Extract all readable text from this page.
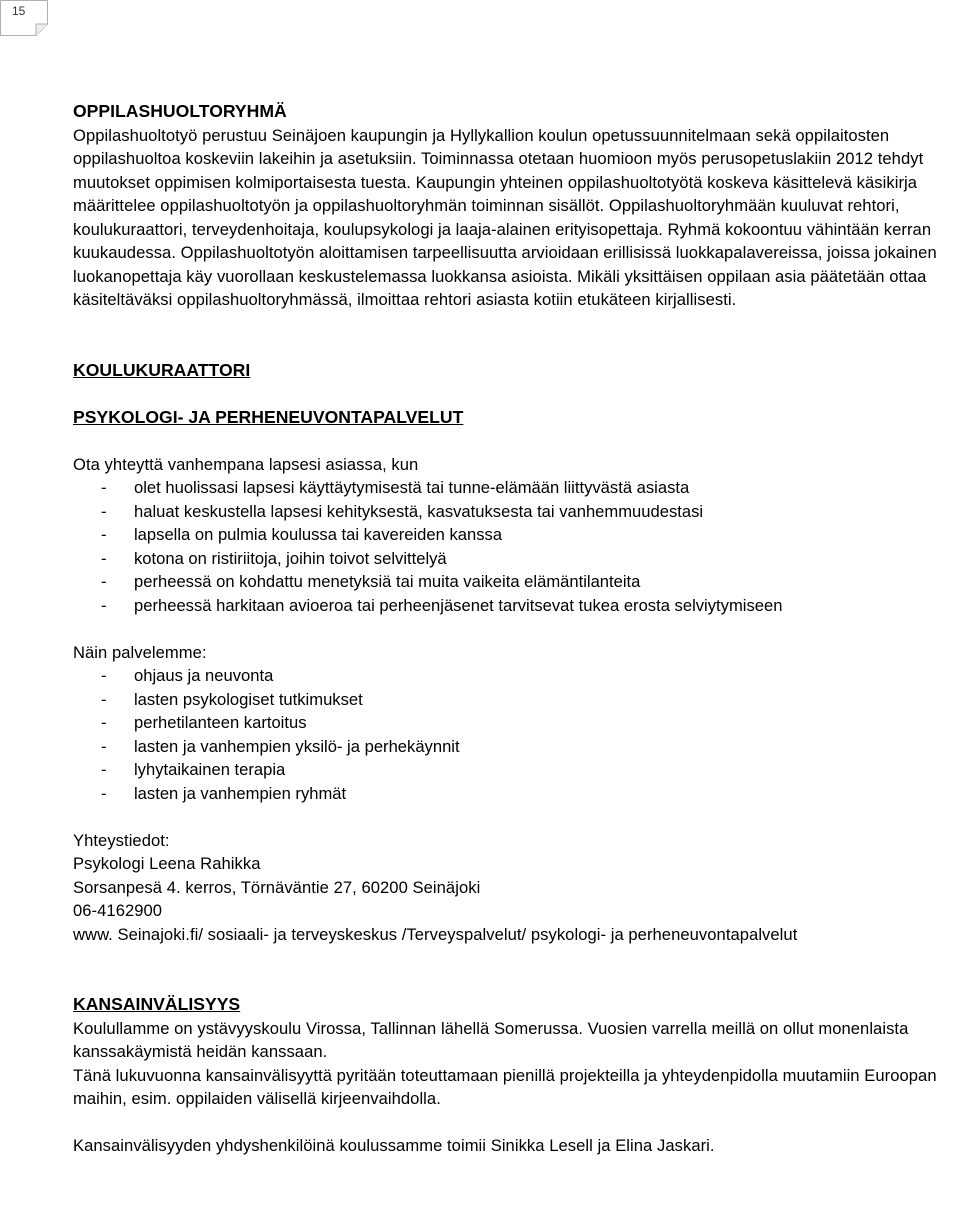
15

OPPILASHUOLTORYHMÄ

Oppilashuoltotyö perustuu Seinäjoen kaupungin ja Hyllykallion koulun opetussuunnitelmaan sekä oppilaitosten oppilashuoltoa koskeviin lakeihin ja asetuksiin. Toiminnassa otetaan huomioon myös perusopetuslakiin 2012 tehdyt muutokset oppimisen kolmiportaisesta tuesta. Kaupungin yhteinen oppilashuoltotyötä koskeva käsittelevä käsikirja määrittelee oppilashuoltotyön ja oppilashuoltoryhmän toiminnan sisällöt. Oppilashuoltoryhmään kuuluvat rehtori, koulukuraattori, terveydenhoitaja, koulupsykologi ja laaja-alainen erityisopettaja. Ryhmä kokoontuu vähintään kerran kuukaudessa. Oppilashuoltotyön aloittamisen tarpeellisuutta arvioidaan erillisissä luokkapalavereissa, joissa jokainen luokanopettaja käy vuorollaan keskustelemassa luokkansa asioista. Mikäli yksittäisen oppilaan asia päätetään ottaa käsiteltäväksi oppilashuoltoryhmässä, ilmoittaa rehtori asiasta kotiin etukäteen kirjallisesti.

KOULUKURAATTORI

PSYKOLOGI- JA PERHENEUVONTAPALVELUT

Ota yhteyttä vanhempana lapsesi asiassa, kun

- olet huolissasi lapsesi käyttäytymisestä tai tunne-elämään liittyvästä asiasta
- haluat keskustella lapsesi kehityksestä, kasvatuksesta tai vanhemmuudestasi
- lapsella on pulmia koulussa tai kavereiden kanssa
- kotona on ristiriitoja, joihin toivot selvittelyä
- perheessä on kohdattu menetyksiä tai muita vaikeita elämäntilanteita
- perheessä harkitaan avioeroa tai perheenjäsenet tarvitsevat tukea erosta selviytymiseen

Näin palvelemme:

- ohjaus ja neuvonta
- lasten psykologiset tutkimukset
- perhetilanteen kartoitus
- lasten ja vanhempien yksilö- ja perhekäynnit
- lyhytaikainen terapia
- lasten ja vanhempien ryhmät

Yhteystiedot:

Psykologi Leena Rahikka

Sorsanpesä 4. kerros, Törnäväntie 27, 60200 Seinäjoki

06-4162900

www. Seinajoki.fi/ sosiaali- ja terveyskeskus /Terveyspalvelut/ psykologi- ja perheneuvontapalvelut

KANSAINVÄLISYYS

Koulullamme on ystävyyskoulu Virossa, Tallinnan lähellä Somerussa. Vuosien varrella meillä on ollut monenlaista kanssakäymistä heidän kanssaan.

Tänä lukuvuonna kansainvälisyyttä pyritään toteuttamaan pienillä projekteilla ja yhteydenpidolla muutamiin Euroopan maihin, esim. oppilaiden välisellä kirjeenvaihdolla.

Kansainvälisyyden yhdyshenkilöinä koulussamme toimii Sinikka Lesell ja Elina Jaskari.
